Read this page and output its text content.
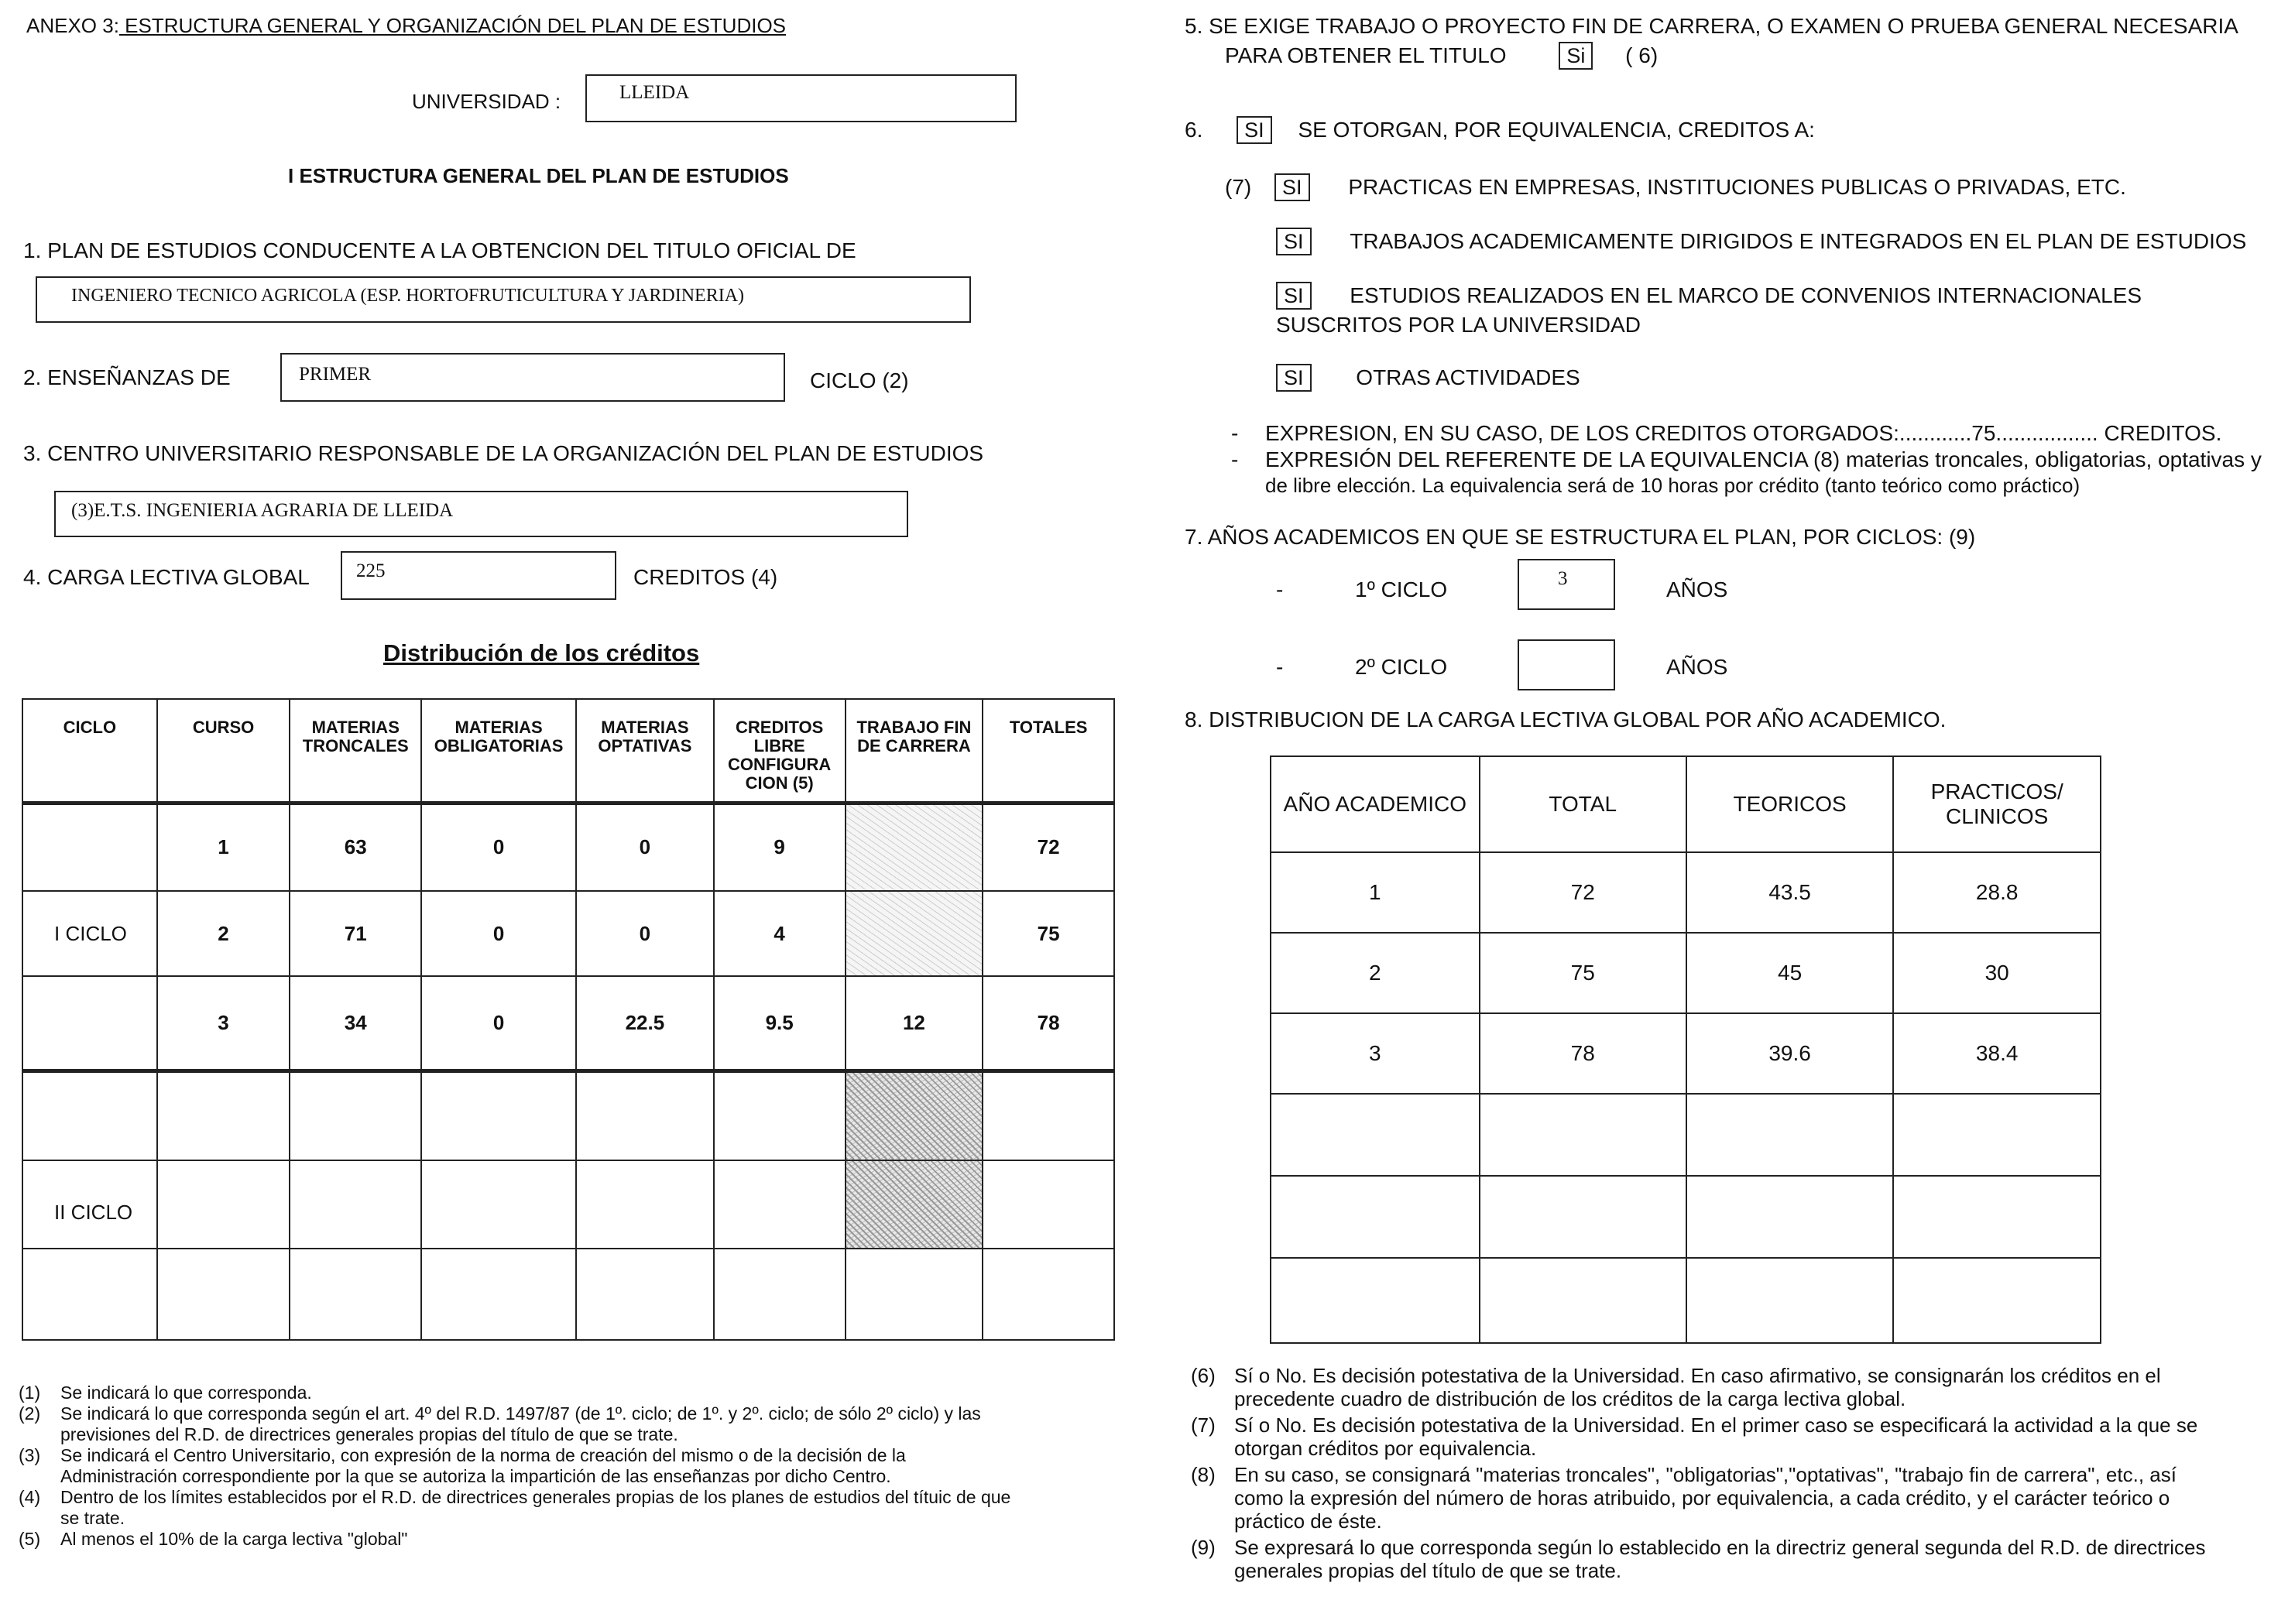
ANEXO 3: ESTRUCTURA GENERAL Y ORGANIZACIÓN DEL PLAN DE ESTUDIOS
UNIVERSIDAD :	LLEIDA
I ESTRUCTURA GENERAL DEL PLAN DE ESTUDIOS
1. PLAN DE ESTUDIOS CONDUCENTE A LA OBTENCION DEL TITULO OFICIAL DE
INGENIERO TECNICO AGRICOLA (ESP. HORTOFRUTICULTURA Y JARDINERIA)
2. ENSEÑANZAS DE	PRIMER	CICLO (2)
3. CENTRO UNIVERSITARIO RESPONSABLE DE LA ORGANIZACIÓN DEL PLAN DE ESTUDIOS
(3)E.T.S. INGENIERIA AGRARIA DE LLEIDA
4. CARGA LECTIVA GLOBAL 225	CREDITOS (4)
Distribución de los créditos
CICLO	CURSO	MATERIAS TRONCALES	MATERIAS OBLIGATORIAS	MATERIAS OPTATIVAS	CREDITOS LIBRE CONFIGURA CION (5)	TRABAJO FIN DE CARRERA	TOTALES
	1	63	0	0	9		72
I CICLO	2	71	0	0	4		75
	3	34	0	22.5	9.5	12	78

II CICLO							

(1) Se indicará lo que corresponda.
(2) Se indicará lo que corresponda según el art. 4º del R.D. 1497/87 (de 1º. ciclo; de 1º. y 2º. ciclo; de sólo 2º ciclo) y las
previsiones del R.D. de directrices generales propias del título de que se trate.
(3) Se indicará el Centro Universitario, con expresión de la norma de creación del mismo o de la decisión de la
Administración correspondiente por la que se autoriza la impartición de las enseñanzas por dicho Centro.
(4) Dentro de los límites establecidos por el R.D. de directrices generales propias de los planes de estudios del títuic de que
se trate.
(5) Al menos el 10% de la carga lectiva "global"
5. SE EXIGE TRABAJO O PROYECTO FIN DE CARRERA, O EXAMEN O PRUEBA GENERAL NECESARIA
PARA OBTENER EL TITULO	Si ( 6)
6. SI SE OTORGAN, POR EQUIVALENCIA, CREDITOS A:
(7) SI PRACTICAS EN EMPRESAS, INSTITUCIONES PUBLICAS O PRIVADAS, ETC.
SI TRABAJOS ACADEMICAMENTE DIRIGIDOS E INTEGRADOS EN EL PLAN DE ESTUDIOS
SI ESTUDIOS REALIZADOS EN EL MARCO DE CONVENIOS INTERNACIONALES
SUSCRITOS POR LA UNIVERSIDAD
SI OTRAS ACTIVIDADES
- EXPRESION, EN SU CASO, DE LOS CREDITOS OTORGADOS:............75................. CREDITOS.
- EXPRESIÓN DEL REFERENTE DE LA EQUIVALENCIA (8) materias troncales, obligatorias, optativas y
de libre elección. La equivalencia será de 10 horas por crédito (tanto teórico como práctico)
7. AÑOS ACADEMICOS EN QUE SE ESTRUCTURA EL PLAN, POR CICLOS: (9)
-	1º CICLO	3	AÑOS
-	2º CICLO	AÑOS
8. DISTRIBUCION DE LA CARGA LECTIVA GLOBAL POR AÑO ACADEMICO.
AÑO ACADEMICO	TOTAL	TEORICOS	PRACTICOS/ CLINICOS
1	72	43.5	28.8
2	75	45	30
3	78	39.6	38.4

(6) Sí o No. Es decisión potestativa de la Universidad. En caso afirmativo, se consignarán los créditos en el
precedente cuadro de distribución de los créditos de la carga lectiva global.
(7) Sí o No. Es decisión potestativa de la Universidad. En el primer caso se especificará la actividad a la que se
otorgan créditos por equivalencia.
(8) En su caso, se consignará "materias troncales", "obligatorias","optativas", "trabajo fin de carrera", etc., así
como la expresión del número de horas atribuido, por equivalencia, a cada crédito, y el carácter teórico o
práctico de éste.
(9) Se expresará lo que corresponda según lo establecido en la directriz general segunda del R.D. de directrices
generales propias del título de que se trate.
